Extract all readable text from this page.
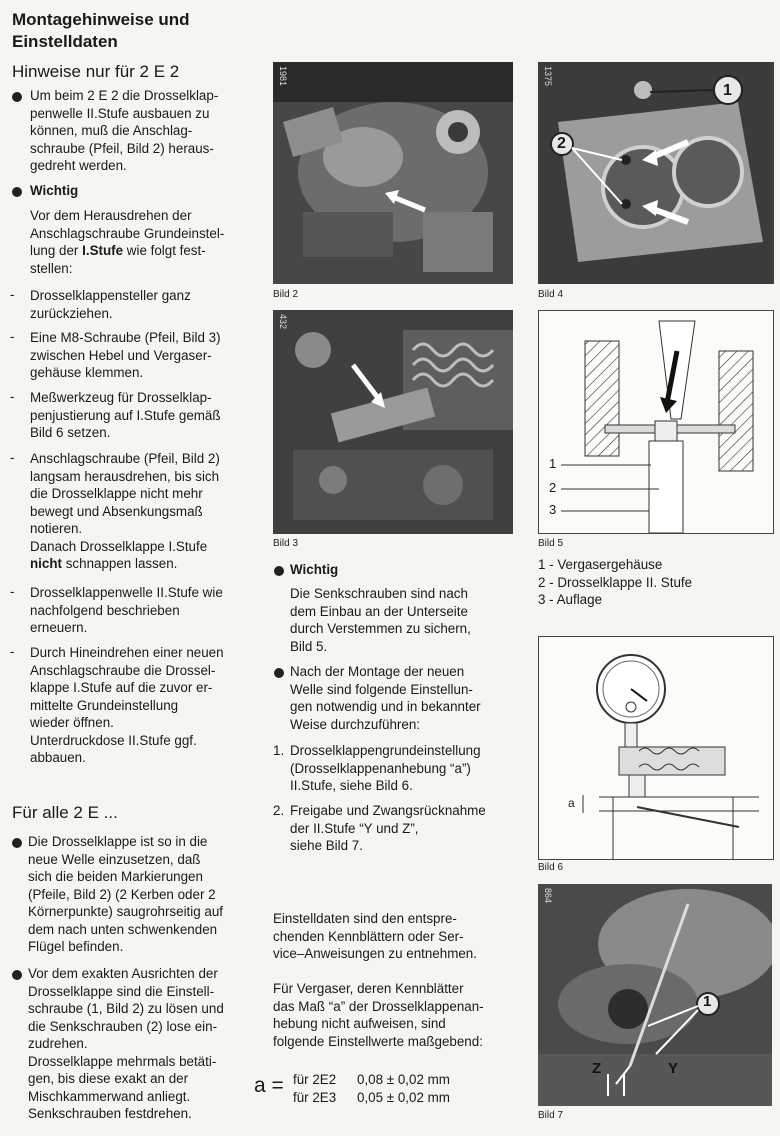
Montagehinweise und
Einstelldaten
Hinweise nur für 2 E 2
Um beim 2 E 2 die Drosselklap-
penwelle II.Stufe ausbauen zu
können, muß die Anschlag-
schraube (Pfeil, Bild 2) heraus-
gedreht werden.
Wichtig
Vor dem Herausdrehen der
Anschlagschraube Grundeinstel-
lung der I.Stufe wie folgt fest-
stellen:
- Drosselklappensteller ganz
zurückziehen.
- Eine M8-Schraube (Pfeil, Bild 3)
zwischen Hebel und Vergaser-
gehäuse klemmen.
- Meßwerkzeug für Drosselklap-
penjustierung auf I.Stufe gemäß
Bild 6 setzen.
- Anschlagschraube (Pfeil, Bild 2)
langsam herausdrehen, bis sich
die Drosselklappe nicht mehr
bewegt und Absenkungsmaß
notieren.
Danach Drosselklappe I.Stufe
nicht schnappen lassen.
- Drosselklappenwelle II.Stufe wie
nachfolgend beschrieben
erneuern.
- Durch Hineindrehen einer neuen
Anschlagschraube die Drossel-
klappe I.Stufe auf die zuvor er-
mittelte Grundeinstellung
wieder öffnen.
Unterdruckdose II.Stufe ggf.
abbauen.
Für alle 2 E ...
Die Drosselklappe ist so in die
neue Welle einzusetzen, daß
sich die beiden Markierungen
(Pfeile, Bild 2) (2 Kerben oder 2
Körnerpunkte) saugrohrseitig auf
dem nach unten schwenkenden
Flügel befinden.
Vor dem exakten Ausrichten der
Drosselklappe sind die Einstell-
schraube (1, Bild 2) zu lösen und
die Senkschrauben (2) lose ein-
zudrehen.
Drosselklappe mehrmals betäti-
gen, bis diese exakt an der
Mischkammerwand anliegt.
Senkschrauben festdrehen.
1981
Bild 2
432
Bild 3
Wichtig
Die Senkschrauben sind nach
dem Einbau an der Unterseite
durch Verstemmen zu sichern,
Bild 5.
Nach der Montage der neuen
Welle sind folgende Einstellun-
gen notwendig und in bekannter
Weise durchzuführen:
1. Drosselklappengrundeinstellung
(Drosselklappenanhebung “a”)
II.Stufe, siehe Bild 6.
2. Freigabe und Zwangsrücknahme
der II.Stufe “Y und Z”,
siehe Bild 7.
Einstelldaten sind den entspre-
chenden Kennblättern oder Ser-
vice–Anweisungen zu entnehmen.
Für Vergaser, deren Kennblätter
das Maß “a” der Drosselklappenan-
hebung nicht aufweisen, sind
folgende Einstellwerte maßgebend:
a = für 2E2 0,08 ± 0,02 mm
für 2E3 0,05 ± 0,02 mm
1
2
1375
Bild 4
1
2
3
Bild 5
1 - Vergasergehäuse
2 - Drosselklappe II. Stufe
3 - Auflage
a
Bild 6
1
Z	Y
864
Bild 7
